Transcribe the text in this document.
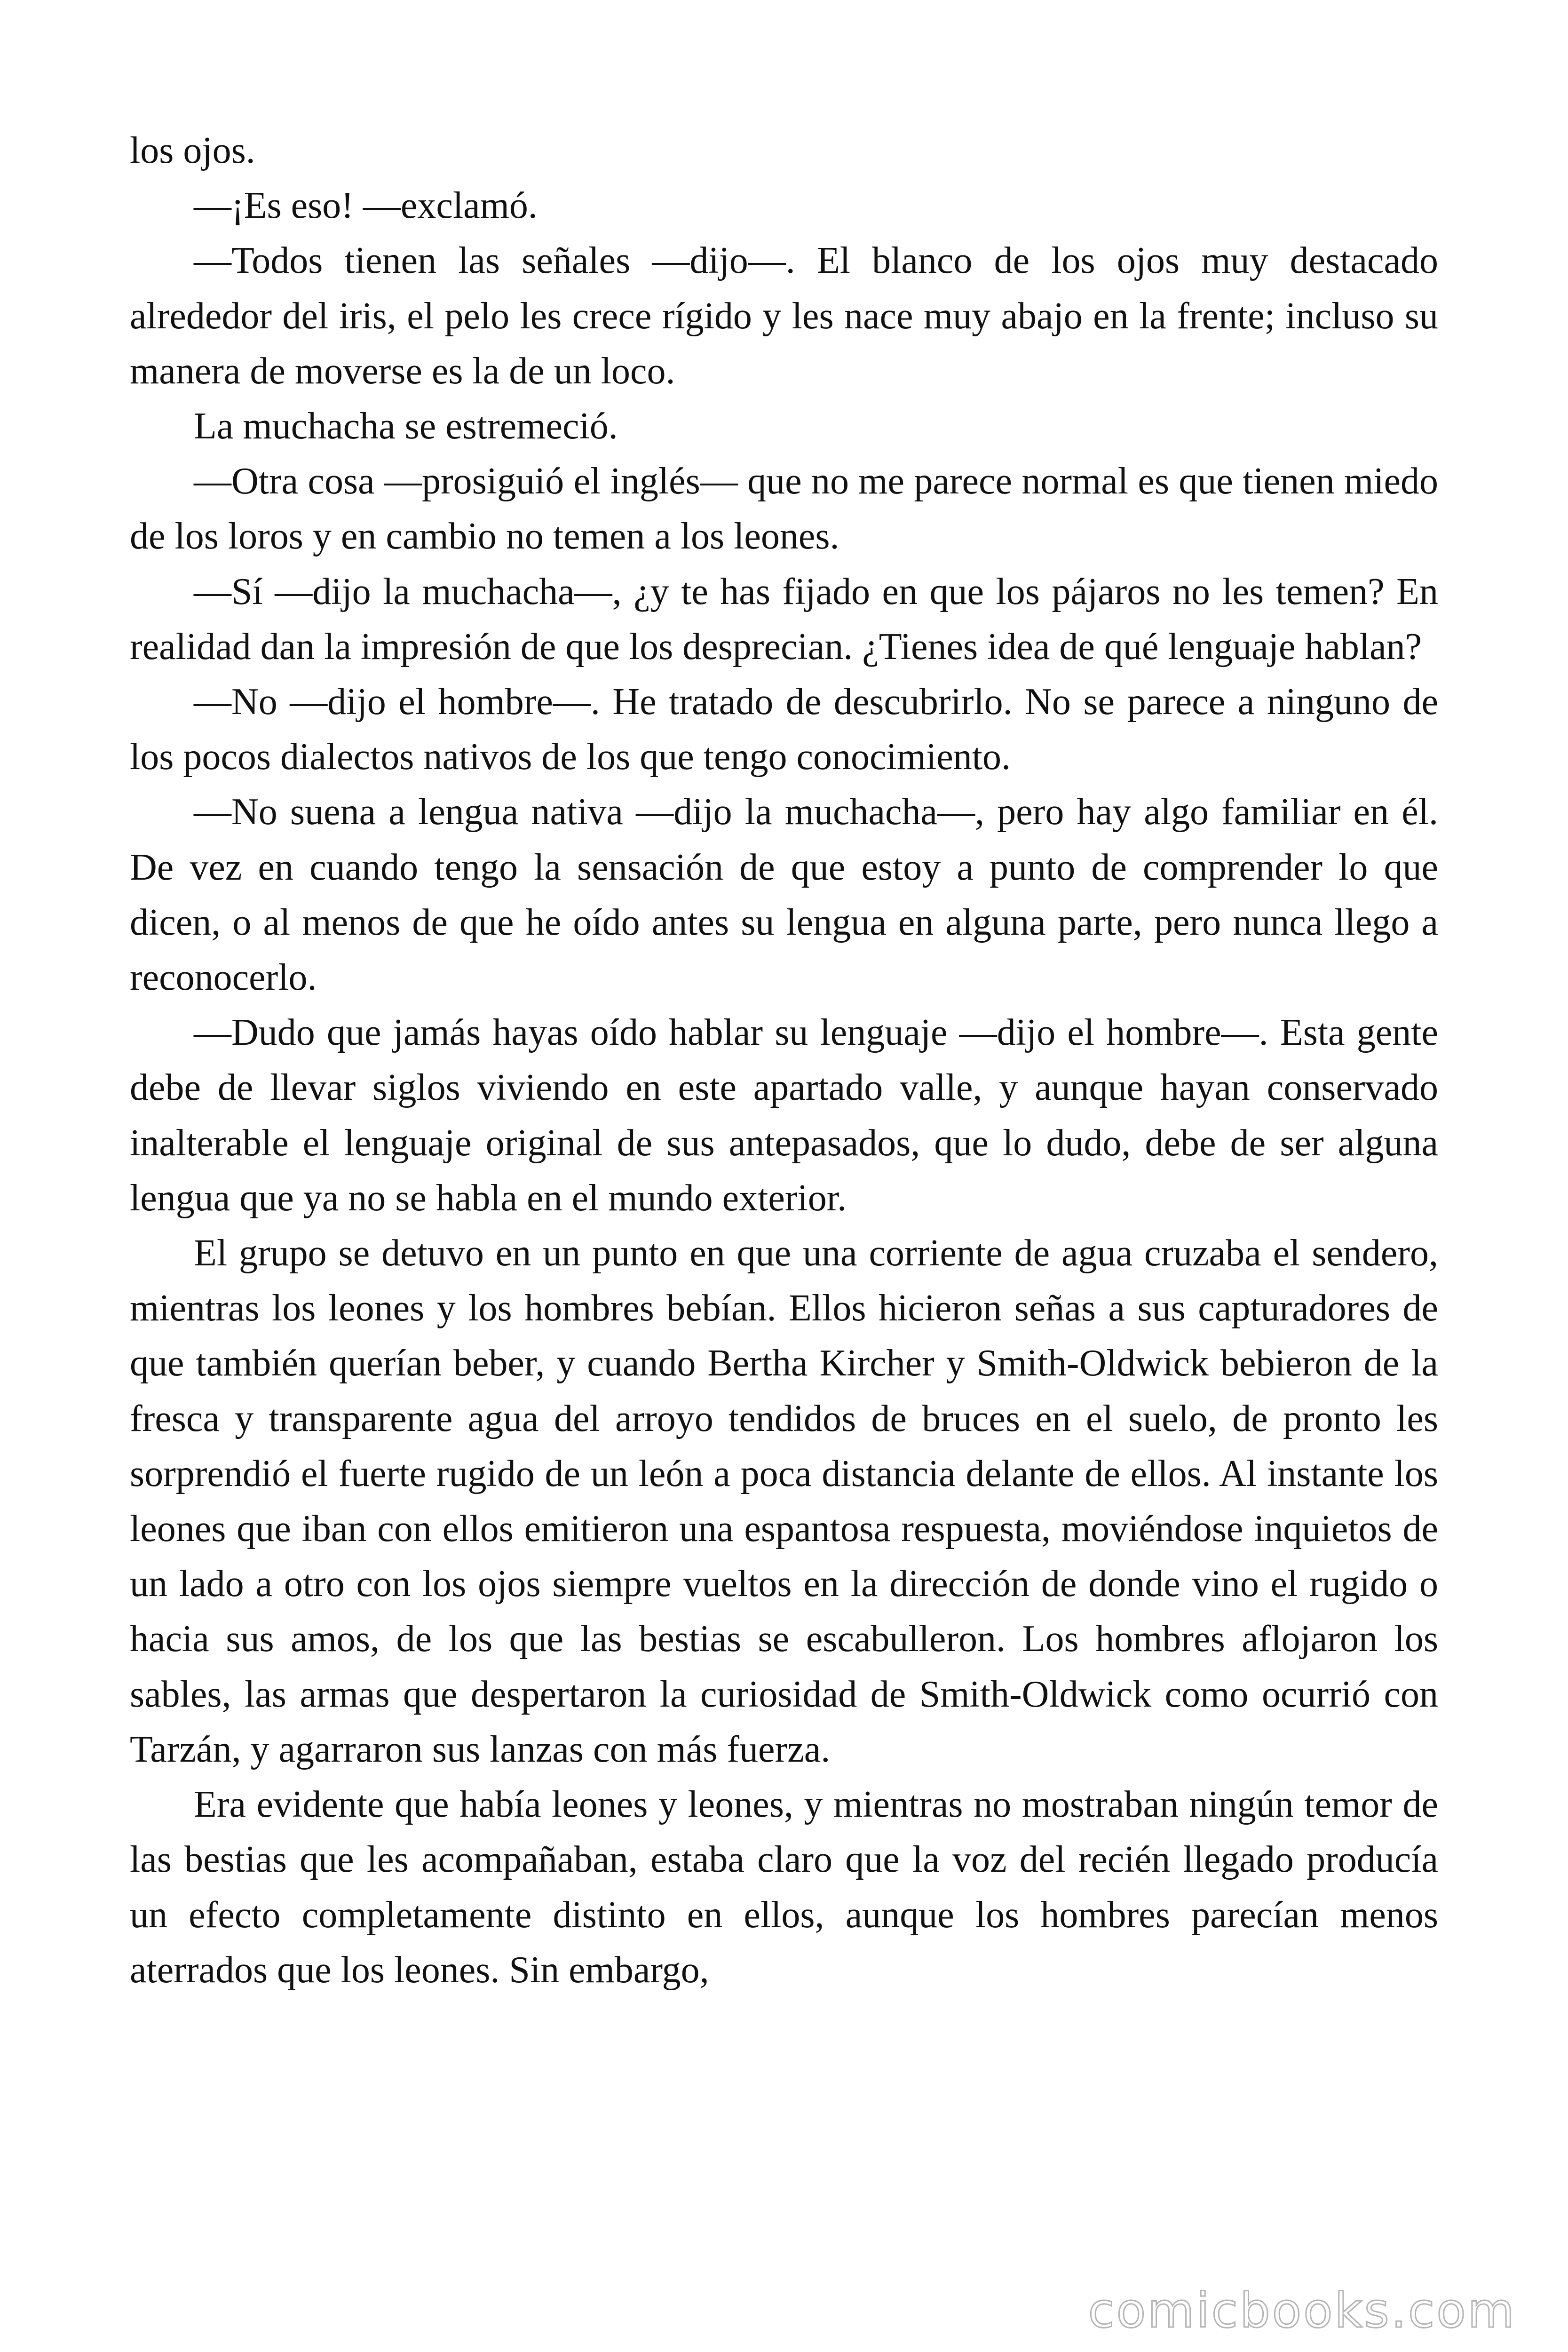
los ojos.

—¡Es eso! —exclamó.

—Todos tienen las señales —dijo—. El blanco de los ojos muy destacado alrededor del iris, el pelo les crece rígido y les nace muy abajo en la frente; incluso su manera de moverse es la de un loco.

La muchacha se estremeció.

—Otra cosa —prosiguió el inglés— que no me parece normal es que tienen miedo de los loros y en cambio no temen a los leones.

—Sí —dijo la muchacha—, ¿y te has fijado en que los pájaros no les temen? En realidad dan la impresión de que los desprecian. ¿Tienes idea de qué lenguaje hablan?

—No —dijo el hombre—. He tratado de descubrirlo. No se parece a ninguno de los pocos dialectos nativos de los que tengo conocimiento.

—No suena a lengua nativa —dijo la muchacha—, pero hay algo familiar en él. De vez en cuando tengo la sensación de que estoy a punto de comprender lo que dicen, o al menos de que he oído antes su lengua en alguna parte, pero nunca llego a reconocerlo.

—Dudo que jamás hayas oído hablar su lenguaje —dijo el hombre—. Esta gente debe de llevar siglos viviendo en este apartado valle, y aunque hayan conservado inalterable el lenguaje original de sus antepasados, que lo dudo, debe de ser alguna lengua que ya no se habla en el mundo exterior.

El grupo se detuvo en un punto en que una corriente de agua cruzaba el sendero, mientras los leones y los hombres bebían. Ellos hicieron señas a sus capturadores de que también querían beber, y cuando Bertha Kircher y Smith-Oldwick bebieron de la fresca y transparente agua del arroyo tendidos de bruces en el suelo, de pronto les sorprendió el fuerte rugido de un león a poca distancia delante de ellos. Al instante los leones que iban con ellos emitieron una espantosa respuesta, moviéndose inquietos de un lado a otro con los ojos siempre vueltos en la dirección de donde vino el rugido o hacia sus amos, de los que las bestias se escabulleron. Los hombres aflojaron los sables, las armas que despertaron la curiosidad de Smith-Oldwick como ocurrió con Tarzán, y agarraron sus lanzas con más fuerza.

Era evidente que había leones y leones, y mientras no mostraban ningún temor de las bestias que les acompañaban, estaba claro que la voz del recién llegado producía un efecto completamente distinto en ellos, aunque los hombres parecían menos aterrados que los leones. Sin embargo,

comicbooks.com
